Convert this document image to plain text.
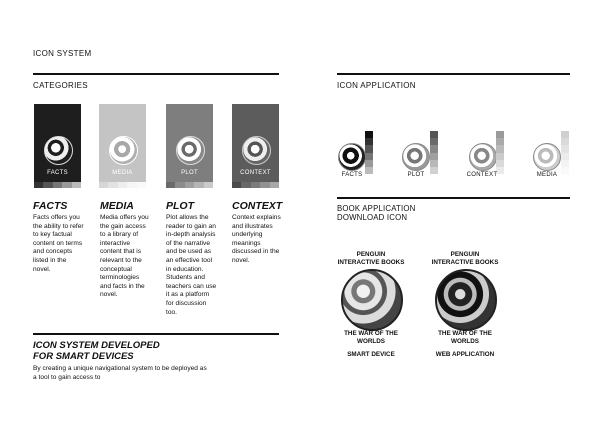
ICON SYSTEM
CATEGORIES
FACTS	MEDIA	PLOT	CONTEXT
FACTS
Facts offers you the ability to refer to key factual content on terms and concepts listed in the novel.
MEDIA
Media offers you the gain access to a library of interactive content that is relevant to the conceptual terminologies and facts in the novel.
PLOT
Plot allows the reader to gain an in-depth analysis of the narrative and be used as an effective tool in education. Students and teachers can use it as a platform for discussion too.
CONTEXT
Context explains and illustrates underlying meanings discussed in the novel.
ICON SYSTEM DEVELOPED
FOR SMART DEVICES
By creating a unique navigational system to be deployed as
a tool to gain access to
ICON APPLICATION
FACTS	PLOT	CONTEXT	MEDIA
BOOK APPLICATION
DOWNLOAD ICON
PENGUIN
INTERACTIVE BOOKS
THE WAR OF THE
WORLDS
SMART DEVICE
PENGUIN
INTERACTIVE BOOKS
THE WAR OF THE
WORLDS
WEB APPLICATION
